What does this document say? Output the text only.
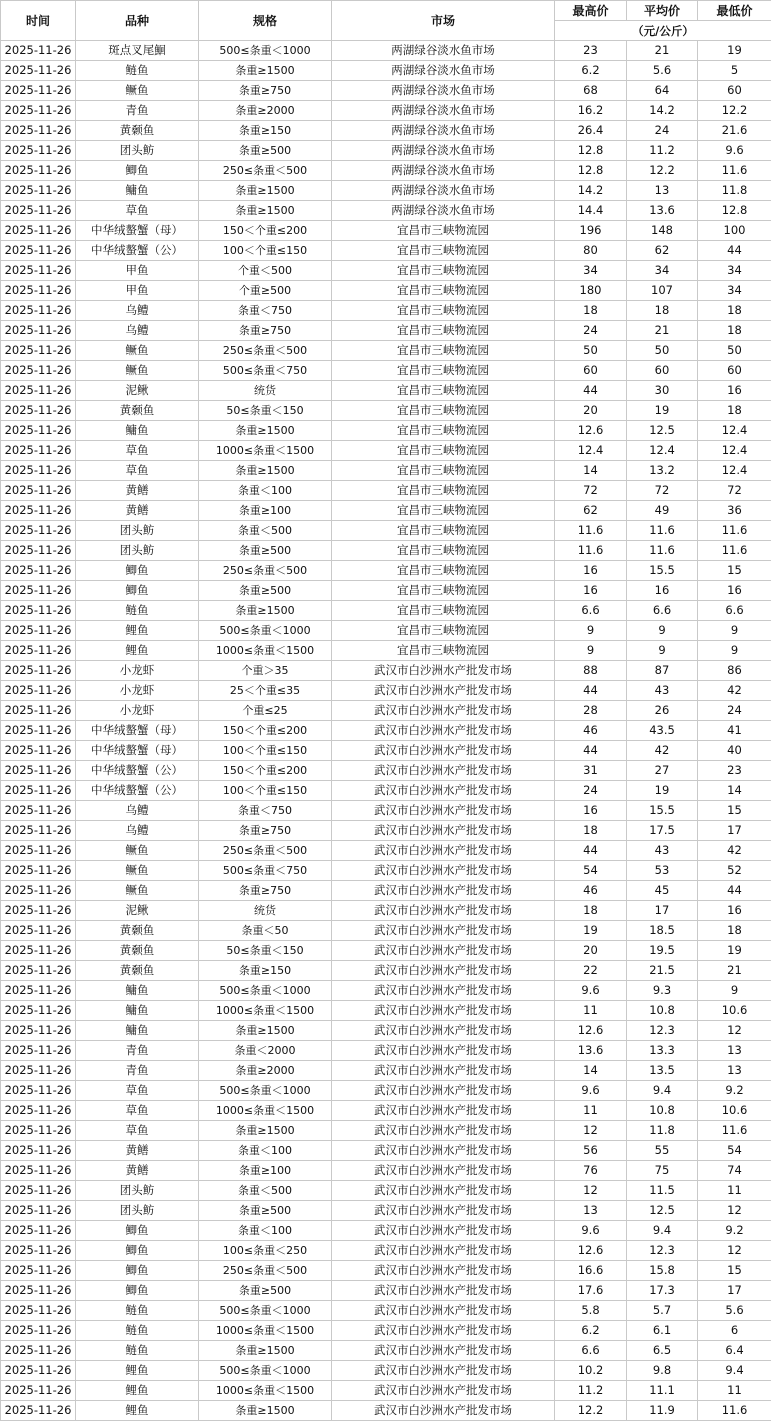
时间	品种	规格	市场	最高价	平均价	最低价
				（元/公斤）		
2025-11-26	斑点叉尾鮰	500≤条重＜1000	两湖绿谷淡水鱼市场	23	21	19
2025-11-26	鲢鱼	条重≥1500	两湖绿谷淡水鱼市场	6.2	5.6	5
2025-11-26	鳜鱼	条重≥750	两湖绿谷淡水鱼市场	68	64	60
2025-11-26	青鱼	条重≥2000	两湖绿谷淡水鱼市场	16.2	14.2	12.2
2025-11-26	黄颡鱼	条重≥150	两湖绿谷淡水鱼市场	26.4	24	21.6
2025-11-26	团头鲂	条重≥500	两湖绿谷淡水鱼市场	12.8	11.2	9.6
2025-11-26	鲫鱼	250≤条重＜500	两湖绿谷淡水鱼市场	12.8	12.2	11.6
2025-11-26	鳙鱼	条重≥1500	两湖绿谷淡水鱼市场	14.2	13	11.8
2025-11-26	草鱼	条重≥1500	两湖绿谷淡水鱼市场	14.4	13.6	12.8
2025-11-26	中华绒螯蟹（母）	150＜个重≤200	宜昌市三峡物流园	196	148	100
2025-11-26	中华绒螯蟹（公）	100＜个重≤150	宜昌市三峡物流园	80	62	44
2025-11-26	甲鱼	个重＜500	宜昌市三峡物流园	34	34	34
2025-11-26	甲鱼	个重≥500	宜昌市三峡物流园	180	107	34
2025-11-26	乌鳢	条重＜750	宜昌市三峡物流园	18	18	18
2025-11-26	乌鳢	条重≥750	宜昌市三峡物流园	24	21	18
2025-11-26	鳜鱼	250≤条重＜500	宜昌市三峡物流园	50	50	50
2025-11-26	鳜鱼	500≤条重＜750	宜昌市三峡物流园	60	60	60
2025-11-26	泥鳅	统货	宜昌市三峡物流园	44	30	16
2025-11-26	黄颡鱼	50≤条重＜150	宜昌市三峡物流园	20	19	18
2025-11-26	鳙鱼	条重≥1500	宜昌市三峡物流园	12.6	12.5	12.4
2025-11-26	草鱼	1000≤条重＜1500	宜昌市三峡物流园	12.4	12.4	12.4
2025-11-26	草鱼	条重≥1500	宜昌市三峡物流园	14	13.2	12.4
2025-11-26	黄鳝	条重＜100	宜昌市三峡物流园	72	72	72
2025-11-26	黄鳝	条重≥100	宜昌市三峡物流园	62	49	36
2025-11-26	团头鲂	条重＜500	宜昌市三峡物流园	11.6	11.6	11.6
2025-11-26	团头鲂	条重≥500	宜昌市三峡物流园	11.6	11.6	11.6
2025-11-26	鲫鱼	250≤条重＜500	宜昌市三峡物流园	16	15.5	15
2025-11-26	鲫鱼	条重≥500	宜昌市三峡物流园	16	16	16
2025-11-26	鲢鱼	条重≥1500	宜昌市三峡物流园	6.6	6.6	6.6
2025-11-26	鲤鱼	500≤条重＜1000	宜昌市三峡物流园	9	9	9
2025-11-26	鲤鱼	1000≤条重＜1500	宜昌市三峡物流园	9	9	9
2025-11-26	小龙虾	个重＞35	武汉市白沙洲水产批发市场	88	87	86
2025-11-26	小龙虾	25＜个重≤35	武汉市白沙洲水产批发市场	44	43	42
2025-11-26	小龙虾	个重≤25	武汉市白沙洲水产批发市场	28	26	24
2025-11-26	中华绒螯蟹（母）	150＜个重≤200	武汉市白沙洲水产批发市场	46	43.5	41
2025-11-26	中华绒螯蟹（母）	100＜个重≤150	武汉市白沙洲水产批发市场	44	42	40
2025-11-26	中华绒螯蟹（公）	150＜个重≤200	武汉市白沙洲水产批发市场	31	27	23
2025-11-26	中华绒螯蟹（公）	100＜个重≤150	武汉市白沙洲水产批发市场	24	19	14
2025-11-26	乌鳢	条重＜750	武汉市白沙洲水产批发市场	16	15.5	15
2025-11-26	乌鳢	条重≥750	武汉市白沙洲水产批发市场	18	17.5	17
2025-11-26	鳜鱼	250≤条重＜500	武汉市白沙洲水产批发市场	44	43	42
2025-11-26	鳜鱼	500≤条重＜750	武汉市白沙洲水产批发市场	54	53	52
2025-11-26	鳜鱼	条重≥750	武汉市白沙洲水产批发市场	46	45	44
2025-11-26	泥鳅	统货	武汉市白沙洲水产批发市场	18	17	16
2025-11-26	黄颡鱼	条重＜50	武汉市白沙洲水产批发市场	19	18.5	18
2025-11-26	黄颡鱼	50≤条重＜150	武汉市白沙洲水产批发市场	20	19.5	19
2025-11-26	黄颡鱼	条重≥150	武汉市白沙洲水产批发市场	22	21.5	21
2025-11-26	鳙鱼	500≤条重＜1000	武汉市白沙洲水产批发市场	9.6	9.3	9
2025-11-26	鳙鱼	1000≤条重＜1500	武汉市白沙洲水产批发市场	11	10.8	10.6
2025-11-26	鳙鱼	条重≥1500	武汉市白沙洲水产批发市场	12.6	12.3	12
2025-11-26	青鱼	条重＜2000	武汉市白沙洲水产批发市场	13.6	13.3	13
2025-11-26	青鱼	条重≥2000	武汉市白沙洲水产批发市场	14	13.5	13
2025-11-26	草鱼	500≤条重＜1000	武汉市白沙洲水产批发市场	9.6	9.4	9.2
2025-11-26	草鱼	1000≤条重＜1500	武汉市白沙洲水产批发市场	11	10.8	10.6
2025-11-26	草鱼	条重≥1500	武汉市白沙洲水产批发市场	12	11.8	11.6
2025-11-26	黄鳝	条重＜100	武汉市白沙洲水产批发市场	56	55	54
2025-11-26	黄鳝	条重≥100	武汉市白沙洲水产批发市场	76	75	74
2025-11-26	团头鲂	条重＜500	武汉市白沙洲水产批发市场	12	11.5	11
2025-11-26	团头鲂	条重≥500	武汉市白沙洲水产批发市场	13	12.5	12
2025-11-26	鲫鱼	条重＜100	武汉市白沙洲水产批发市场	9.6	9.4	9.2
2025-11-26	鲫鱼	100≤条重＜250	武汉市白沙洲水产批发市场	12.6	12.3	12
2025-11-26	鲫鱼	250≤条重＜500	武汉市白沙洲水产批发市场	16.6	15.8	15
2025-11-26	鲫鱼	条重≥500	武汉市白沙洲水产批发市场	17.6	17.3	17
2025-11-26	鲢鱼	500≤条重＜1000	武汉市白沙洲水产批发市场	5.8	5.7	5.6
2025-11-26	鲢鱼	1000≤条重＜1500	武汉市白沙洲水产批发市场	6.2	6.1	6
2025-11-26	鲢鱼	条重≥1500	武汉市白沙洲水产批发市场	6.6	6.5	6.4
2025-11-26	鲤鱼	500≤条重＜1000	武汉市白沙洲水产批发市场	10.2	9.8	9.4
2025-11-26	鲤鱼	1000≤条重＜1500	武汉市白沙洲水产批发市场	11.2	11.1	11
2025-11-26	鲤鱼	条重≥1500	武汉市白沙洲水产批发市场	12.2	11.9	11.6
